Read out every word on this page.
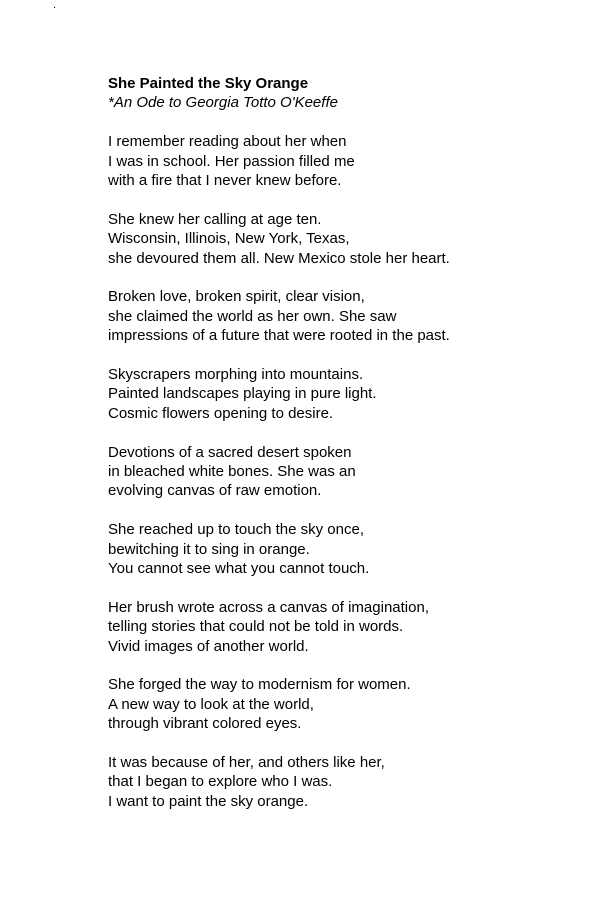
.

She Painted the Sky Orange

*An Ode to Georgia Totto O'Keeffe

I remember reading about her when
I was in school. Her passion filled me
with a fire that I never knew before.
She knew her calling at age ten.
Wisconsin, Illinois, New York, Texas,
she devoured them all. New Mexico stole her heart.
Broken love, broken spirit, clear vision,
she claimed the world as her own. She saw
impressions of a future that were rooted in the past.
Skyscrapers morphing into mountains.
Painted landscapes playing in pure light.
Cosmic flowers opening to desire.
Devotions of a sacred desert spoken
in bleached white bones. She was an
evolving canvas of raw emotion.
She reached up to touch the sky once,
bewitching it to sing in orange.
You cannot see what you cannot touch.
Her brush wrote across a canvas of imagination,
telling stories that could not be told in words.
Vivid images of another world.
She forged the way to modernism for women.
A new way to look at the world,
through vibrant colored eyes.
It was because of her, and others like her,
that I began to explore who I was.
I want to paint the sky orange.
